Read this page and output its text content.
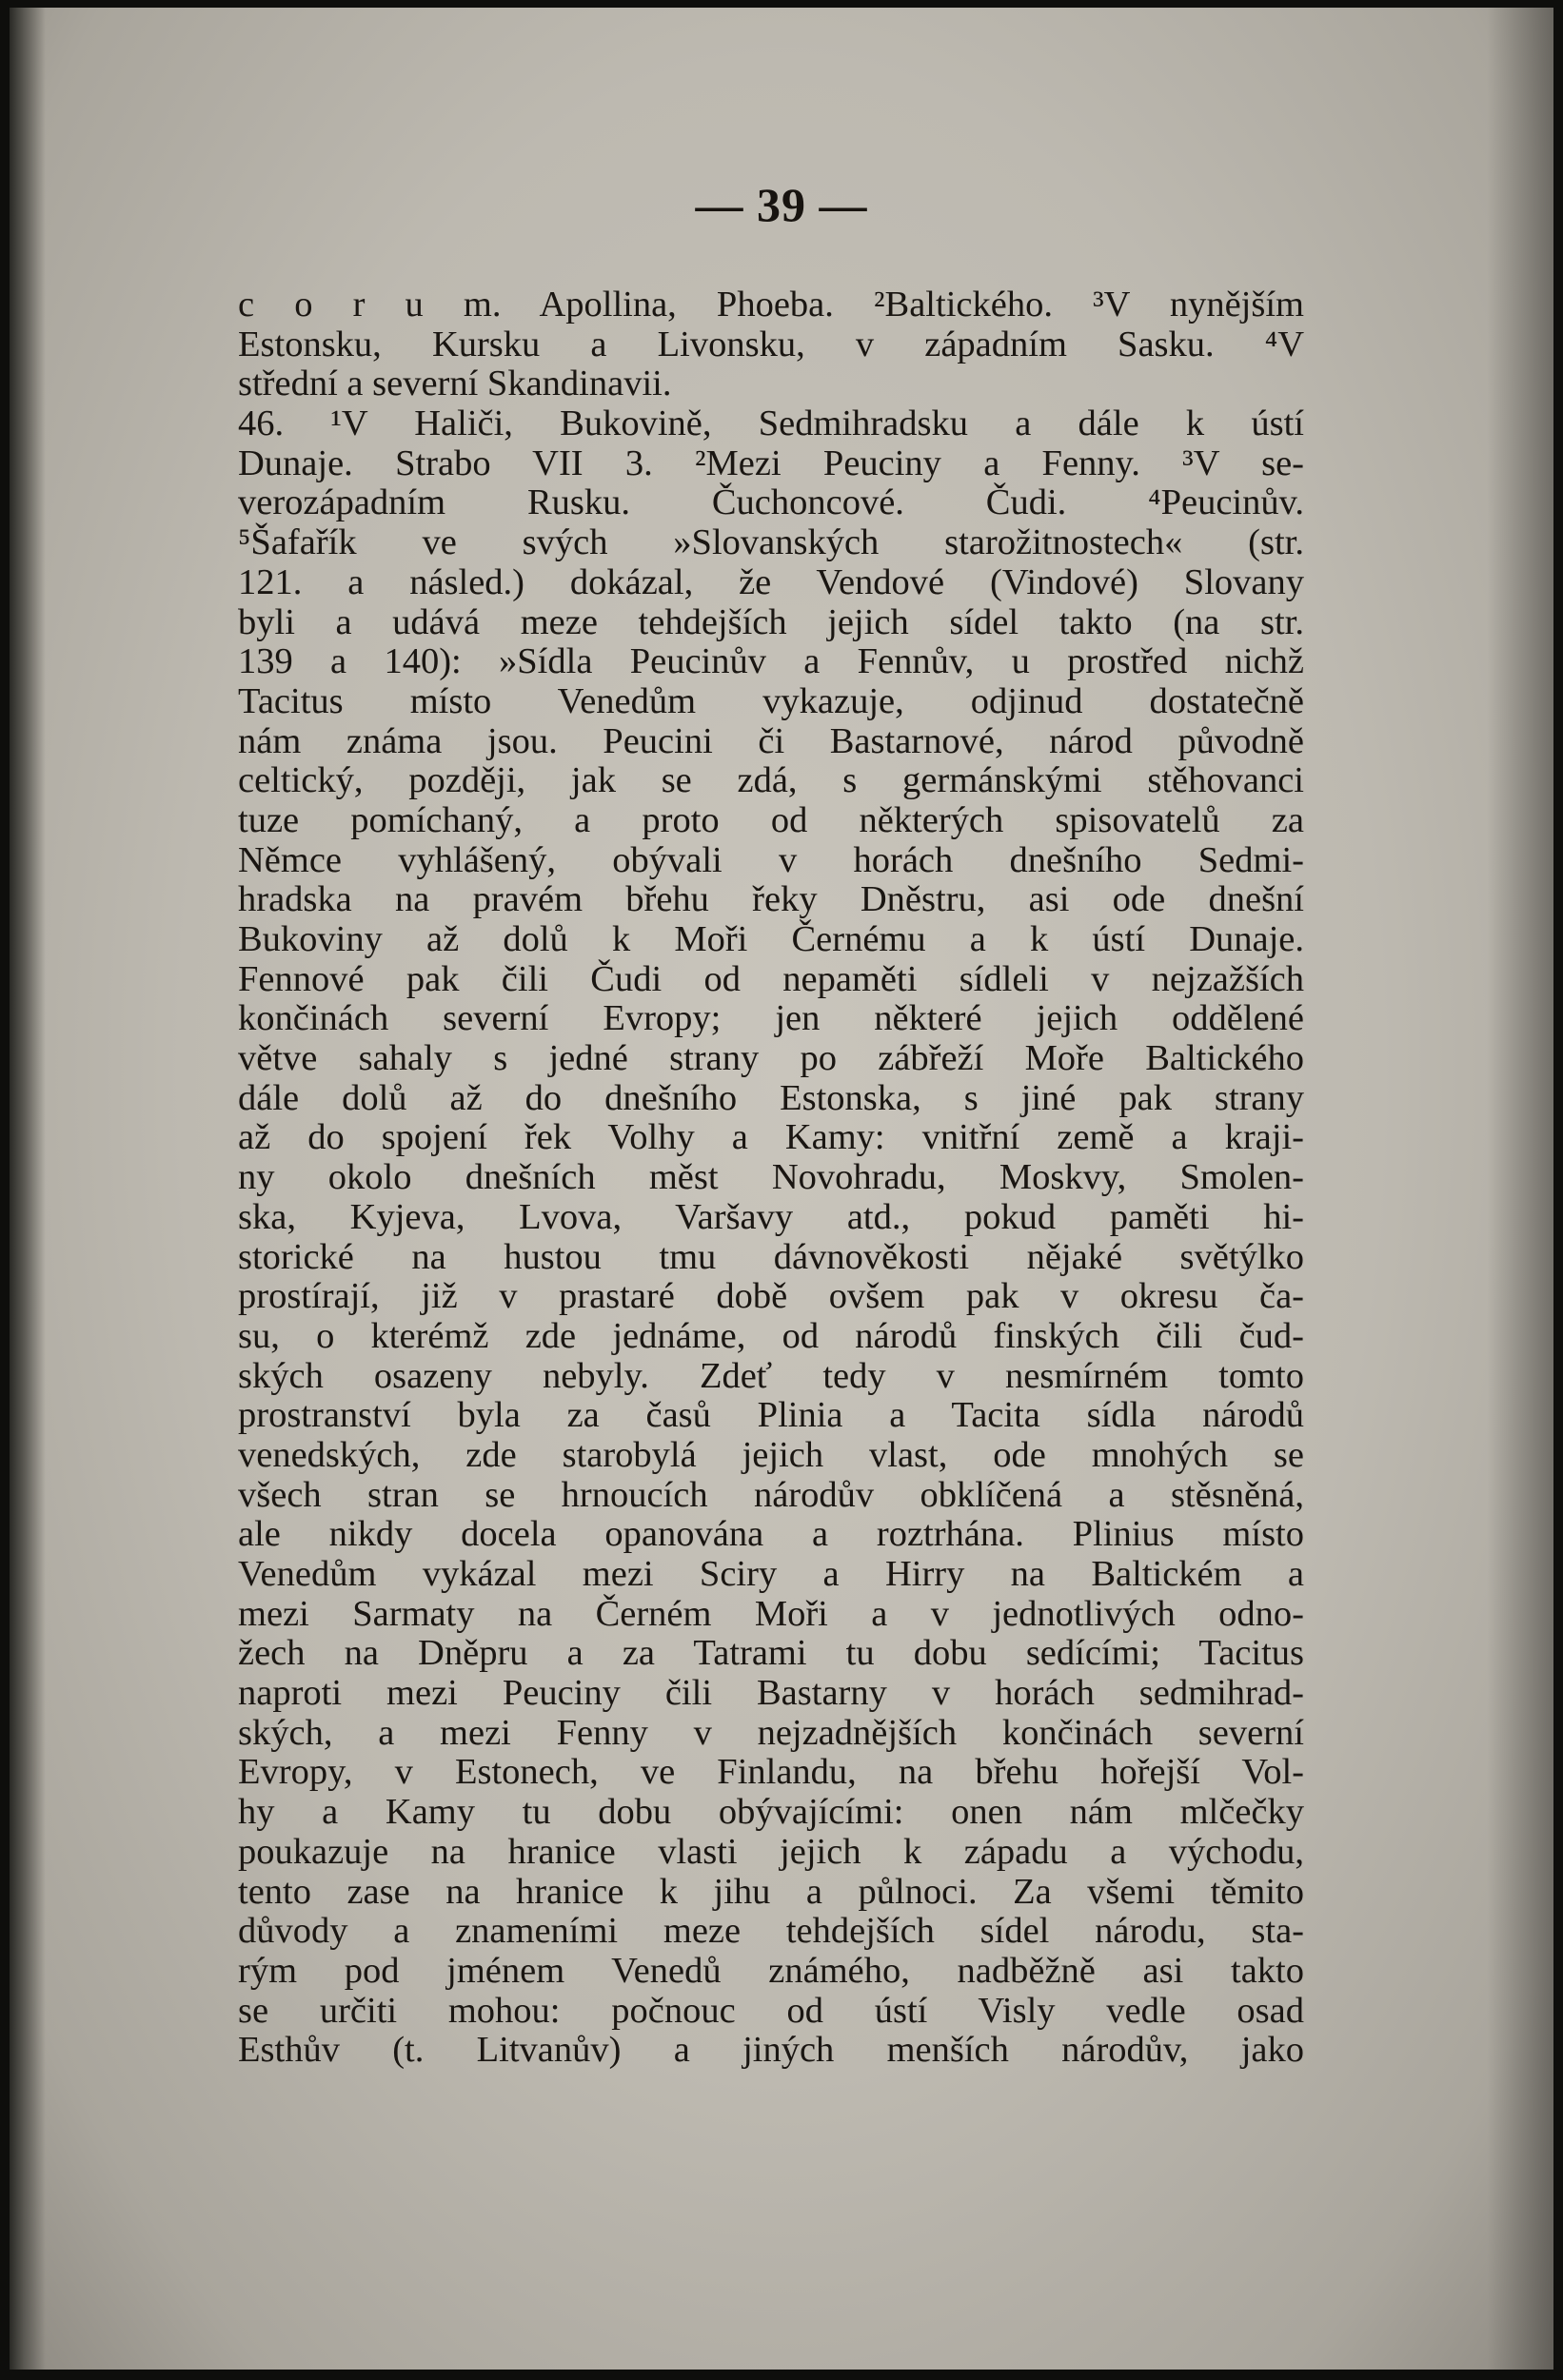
— 39 —
c o r u m. Apollina, Phoeba. ²Baltického. ³V nynějším
Estonsku, Kursku a Livonsku, v západním Sasku. ⁴V
střední a severní Skandinavii.
46. ¹V Haliči, Bukovině, Sedmihradsku a dále k ústí
Dunaje. Strabo VII 3. ²Mezi Peuciny a Fenny. ³V se-
verozápadním Rusku. Čuchoncové. Čudi. ⁴Peucinův.
⁵Šafařík ve svých »Slovanských starožitnostech« (str.
121. a násled.) dokázal, že Vendové (Vindové) Slovany
byli a udává meze tehdejších jejich sídel takto (na str.
139 a 140): »Sídla Peucinův a Fennův, u prostřed nichž
Tacitus místo Venedům vykazuje, odjinud dostatečně
nám známa jsou. Peucini či Bastarnové, národ původně
celtický, později, jak se zdá, s germánskými stěhovanci
tuze pomíchaný, a proto od některých spisovatelů za
Němce vyhlášený, obývali v horách dnešního Sedmi-
hradska na pravém břehu řeky Dněstru, asi ode dnešní
Bukoviny až dolů k Moři Černému a k ústí Dunaje.
Fennové pak čili Čudi od nepaměti sídleli v nejzažších
končinách severní Evropy; jen některé jejich oddělené
větve sahaly s jedné strany po zábřeží Moře Baltického
dále dolů až do dnešního Estonska, s jiné pak strany
až do spojení řek Volhy a Kamy: vnitřní země a kraji-
ny okolo dnešních měst Novohradu, Moskvy, Smolen-
ska, Kyjeva, Lvova, Varšavy atd., pokud paměti hi-
storické na hustou tmu dávnověkosti nějaké světýlko
prostírají, již v prastaré době ovšem pak v okresu ča-
su, o kterémž zde jednáme, od národů finských čili čud-
ských osazeny nebyly. Zdeť tedy v nesmírném tomto
prostranství byla za časů Plinia a Tacita sídla národů
venedských, zde starobylá jejich vlast, ode mnohých se
všech stran se hrnoucích národův obklíčená a stěsněná,
ale nikdy docela opanována a roztrhána. Plinius místo
Venedům vykázal mezi Sciry a Hirry na Baltickém a
mezi Sarmaty na Černém Moři a v jednotlivých odno-
žech na Dněpru a za Tatrami tu dobu sedícími; Tacitus
naproti mezi Peuciny čili Bastarny v horách sedmihrad-
ských, a mezi Fenny v nejzadnějších končinách severní
Evropy, v Estonech, ve Finlandu, na břehu hořejší Vol-
hy a Kamy tu dobu obývajícími: onen nám mlčečky
poukazuje na hranice vlasti jejich k západu a východu,
tento zase na hranice k jihu a půlnoci. Za všemi těmito
důvody a znameními meze tehdejších sídel národu, sta-
rým pod jménem Venedů známého, nadběžně asi takto
se určiti mohou: počnouc od ústí Visly vedle osad
Esthův (t. Litvanův) a jiných menších národův, jako
